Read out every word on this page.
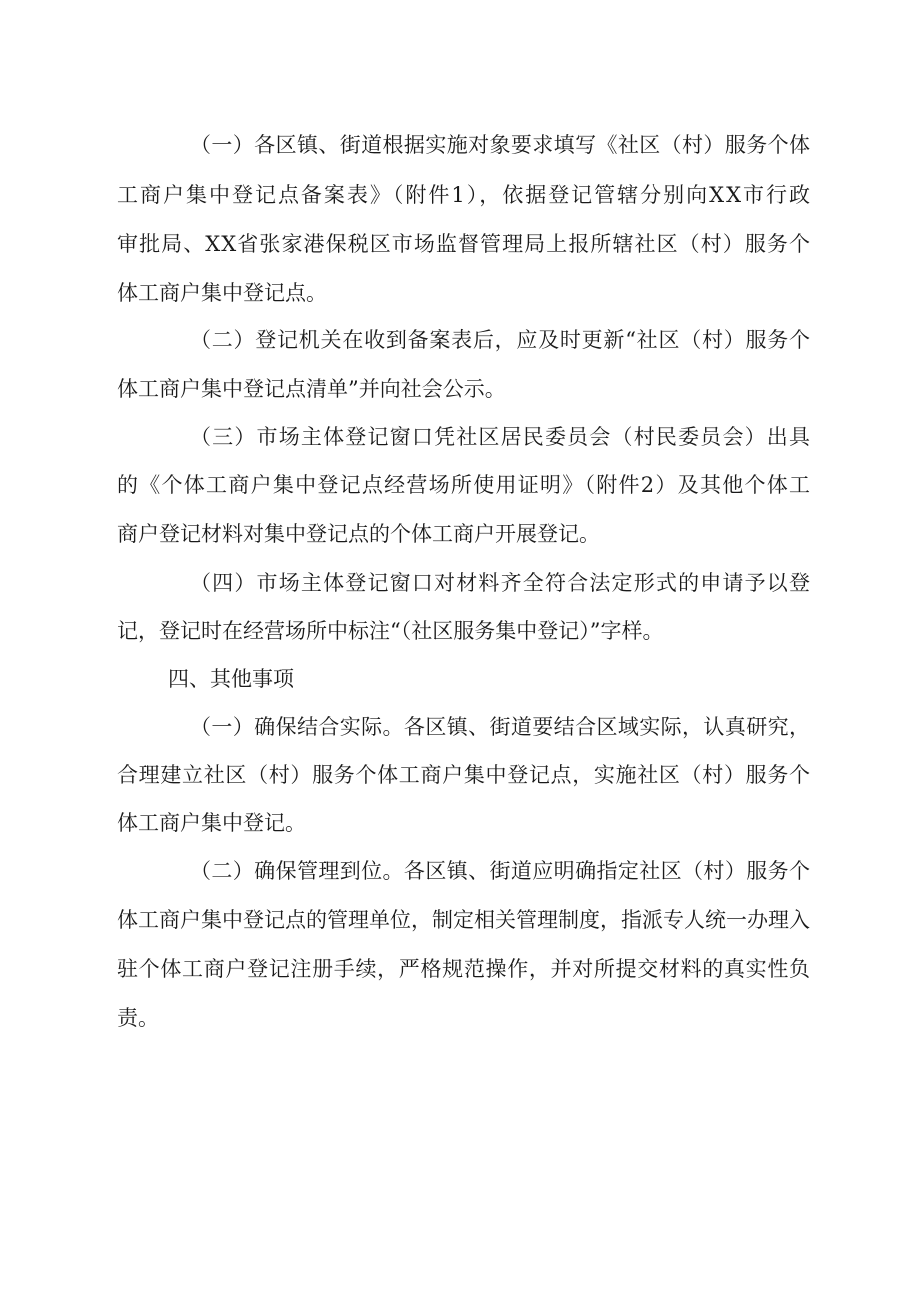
（一）各区镇、街道根据实施对象要求填写《社区（村）服务个体

工商户集中登记点备案表》（附件1），依据登记管辖分别向XX市行政

审批局、XX省张家港保税区市场监督管理局上报所辖社区（村）服务个

体工商户集中登记点。

（二）登记机关在收到备案表后，应及时更新“社区（村）服务个

体工商户集中登记点清单”并向社会公示。

（三）市场主体登记窗口凭社区居民委员会（村民委员会）出具

的《个体工商户集中登记点经营场所使用证明》（附件2）及其他个体工

商户登记材料对集中登记点的个体工商户开展登记。

（四）市场主体登记窗口对材料齐全符合法定形式的申请予以登

记，登记时在经营场所中标注“（社区服务集中登记）”字样。

四、其他事项

（一）确保结合实际。各区镇、街道要结合区域实际，认真研究，

合理建立社区（村）服务个体工商户集中登记点，实施社区（村）服务个

体工商户集中登记。

（二）确保管理到位。各区镇、街道应明确指定社区（村）服务个

体工商户集中登记点的管理单位，制定相关管理制度，指派专人统一办理入

驻个体工商户登记注册手续，严格规范操作，并对所提交材料的真实性负

责。
